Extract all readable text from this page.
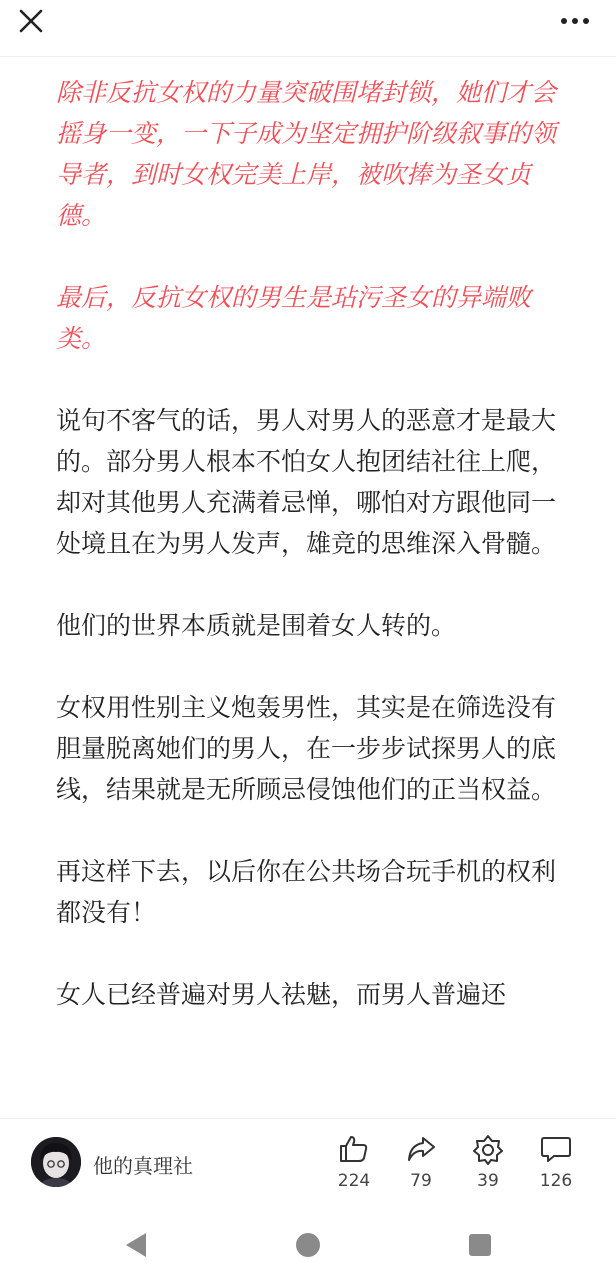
除非反抗女权的力量突破围堵封锁，她们才会摇身一变，一下子成为坚定拥护阶级叙事的领导者，到时女权完美上岸，被吹捧为圣女贞德。

最后，反抗女权的男生是玷污圣女的异端败类。

说句不客气的话，男人对男人的恶意才是最大的。部分男人根本不怕女人抱团结社往上爬，却对其他男人充满着忌惮，哪怕对方跟他同一处境且在为男人发声，雄竞的思维深入骨髓。

他们的世界本质就是围着女人转的。

女权用性别主义炮轰男性，其实是在筛选没有胆量脱离她们的男人，在一步步试探男人的底线，结果就是无所顾忌侵蚀他们的正当权益。

再这样下去，以后你在公共场合玩手机的权利都没有！

女人已经普遍对男人祛魅，而男人普遍还

他的真理社
224	79	39	126
